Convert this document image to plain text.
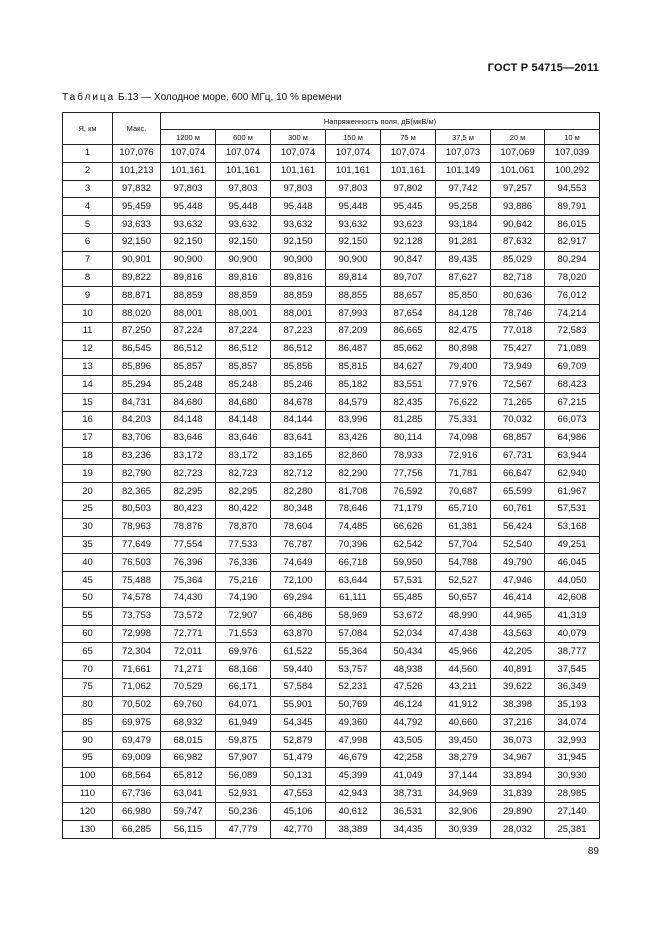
ГОСТ Р 54715—2011
Таблица Б.13 — Холодное море, 600 МГц, 10 % времени
Я, км	Макс.	Напряженность поля, дБ(мкВ/м)							
		1200 м	600 м	300 м	150 м	75 м	37,5 м	20 м	10 м
1	107,076	107,074	107,074	107,074	107,074	107,074	107,073	107,069	107,039
2	101,213	101,161	101,161	101,161	101,161	101,161	101,149	101,061	100,292
3	97,832	97,803	97,803	97,803	97,803	97,802	97,742	97,257	94,553
4	95,459	95,448	95,448	95,448	95,448	95,445	95,258	93,886	89,791
5	93,633	93,632	93,632	93,632	93,632	93,623	93,184	90,642	86,015
6	92,150	92,150	92,150	92,150	92,150	92,128	91,281	87,632	82,917
7	90,901	90,900	90,900	90,900	90,900	90,847	89,435	85,029	80,294
8	89,822	89,816	89,816	89,816	89,814	89,707	87,627	82,718	78,020
9	88,871	88,859	88,859	88,859	88,855	88,657	85,850	80,636	76,012
10	88,020	88,001	88,001	88,001	87,993	87,654	84,128	78,746	74,214
11	87,250	87,224	87,224	87,223	87,209	86,665	82,475	77,018	72,583
12	86,545	86,512	86,512	86,512	86,487	85,662	80,898	75,427	71,089
13	85,896	85,857	85,857	85,856	85,815	84,627	79,400	73,949	69,709
14	85,294	85,248	85,248	85,246	85,182	83,551	77,976	72,567	68,423
15	84,731	84,680	84,680	84,678	84,579	82,435	76,622	71,265	67,215
16	84,203	84,148	84,148	84,144	83,996	81,285	75,331	70,032	66,073
17	83,706	83,646	83,646	83,641	83,426	80,114	74,098	68,857	64,986
18	83,236	83,172	83,172	83,165	82,860	78,933	72,916	67,731	63,944
19	82,790	82,723	82,723	82,712	82,290	77,756	71,781	66,647	62,940
20	82,365	82,295	82,295	82,280	81,708	76,592	70,687	65,599	61,967
25	80,503	80,423	80,422	80,348	78,646	71,179	65,710	60,761	57,531
30	78,963	78,876	78,870	78,604	74,485	66,626	61,381	56,424	53,168
35	77,649	77,554	77,533	76,787	70,396	62,542	57,704	52,540	49,251
40	76,503	76,396	76,336	74,649	66,718	59,950	54,788	49,790	46,045
45	75,488	75,364	75,216	72,100	63,644	57,531	52,527	47,946	44,050
50	74,578	74,430	74,190	69,294	61,111	55,485	50,657	46,414	42,608
55	73,753	73,572	72,907	66,486	58,969	53,672	48,990	44,965	41,319
60	72,998	72,771	71,553	63,870	57,084	52,034	47,438	43,563	40,079
65	72,304	72,011	69,976	61,522	55,364	50,434	45,966	42,205	38,777
70	71,661	71,271	68,166	59,440	53,757	48,938	44,560	40,891	37,545
75	71,062	70,529	66,171	57,584	52,231	47,526	43,211	39,622	36,349
80	70,502	69,760	64,071	55,901	50,769	46,124	41,912	38,398	35,193
85	69,975	68,932	61,949	54,345	49,360	44,792	40,660	37,216	34,074
90	69,479	68,015	59,875	52,879	47,998	43,505	39,450	36,073	32,993
95	69,009	66,982	57,907	51,479	46,679	42,258	38,279	34,967	31,945
100	68,564	65,812	56,089	50,131	45,399	41,049	37,144	33,894	30,930
110	67,736	63,041	52,931	47,553	42,943	38,731	34,969	31,839	28,985
120	66,980	59,747	50,236	45,106	40,612	36,531	32,906	29,890	27,140
130	66,285	56,115	47,779	42,770	38,389	34,435	30,939	28,032	25,381
89
